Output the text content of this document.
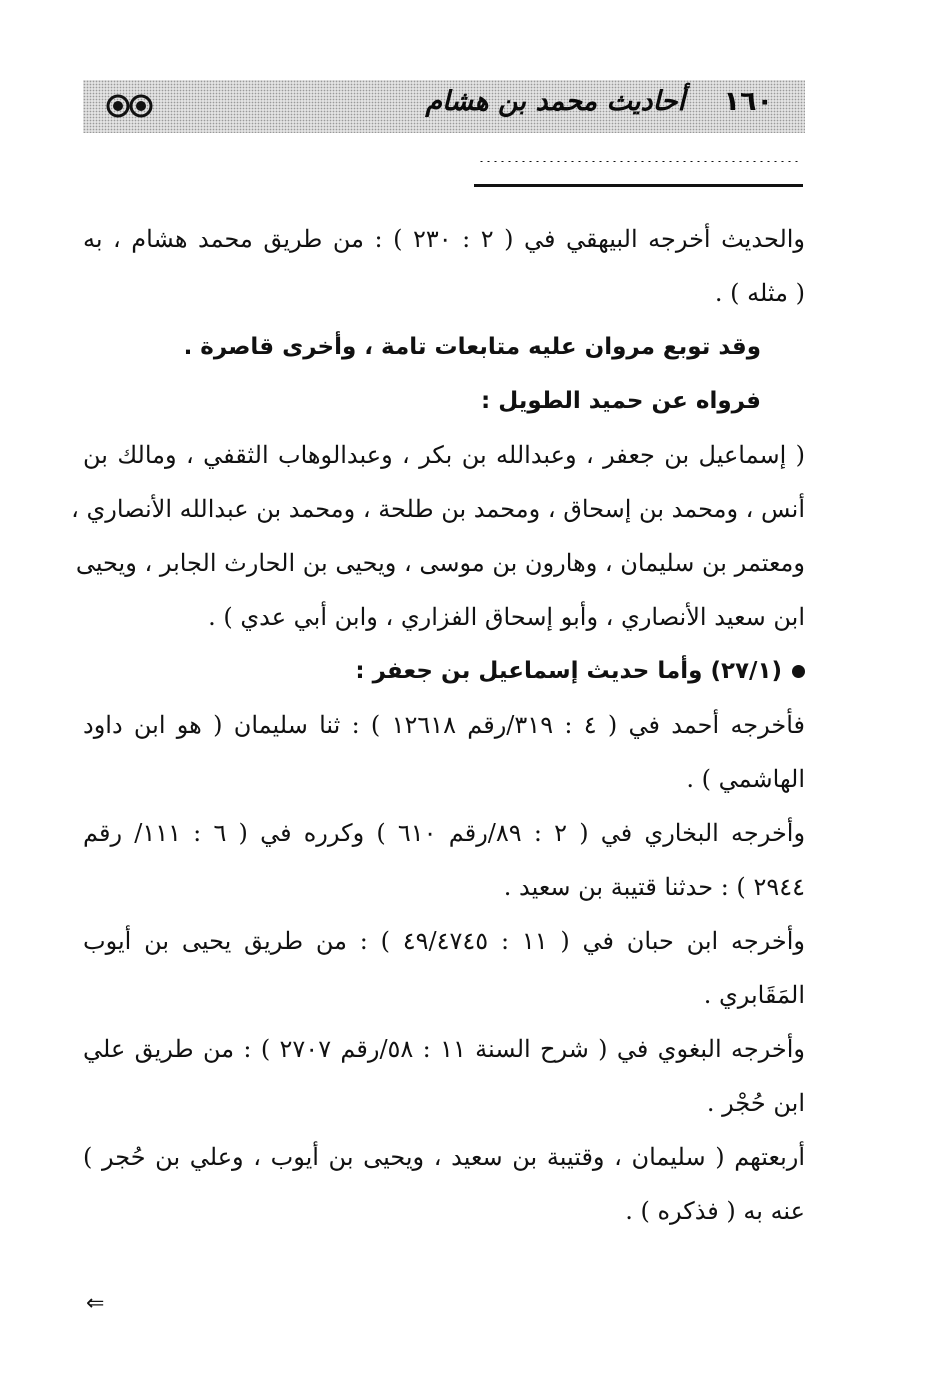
١٦٠
أحاديث محمد بن هشام
والحديث أخرجه البيهقي في ( ٢ : ٢٣٠ ) : من طريق محمد هشام ، به
( مثله ) .
وقد توبع مروان عليه متابعات تامة ، وأخرى قاصرة .
فرواه عن حميد الطويل :
( إسماعيل بن جعفر ، وعبدالله بن بكر ، وعبدالوهاب الثقفي ، ومالك بن
أنس ، ومحمد بن إسحاق ، ومحمد بن طلحة ، ومحمد بن عبدالله الأنصاري ،
ومعتمر بن سليمان ، وهارون بن موسى ، ويحيى بن الحارث الجابر ، ويحيى
ابن سعيد الأنصاري ، وأبو إسحاق الفزاري ، وابن أبي عدي ) .
(٢٧/١) وأما حديث إسماعيل بن جعفر :
فأخرجه أحمد في ( ٤ : ٣١٩/رقم ١٢٦١٨ ) : ثنا سليمان ( هو ابن داود
الهاشمي ) .
وأخرجه البخاري في ( ٢ : ٨٩/رقم ٦١٠ ) وكرره في ( ٦ : ١١١/ رقم
٢٩٤٤ ) : حدثنا قتيبة بن سعيد .
وأخرجه ابن حبان في ( ١١ : ٤٩/٤٧٤٥ ) : من طريق يحيى بن أيوب
المَقَابري .
وأخرجه البغوي في ( شرح السنة ١١ : ٥٨/رقم ٢٧٠٧ ) : من طريق علي
ابن حُجْر .
أربعتهم ( سليمان ، وقتيبة بن سعيد ، ويحيى بن أيوب ، وعلي بن حُجر )
عنه به ( فذكره ) .
⇐
